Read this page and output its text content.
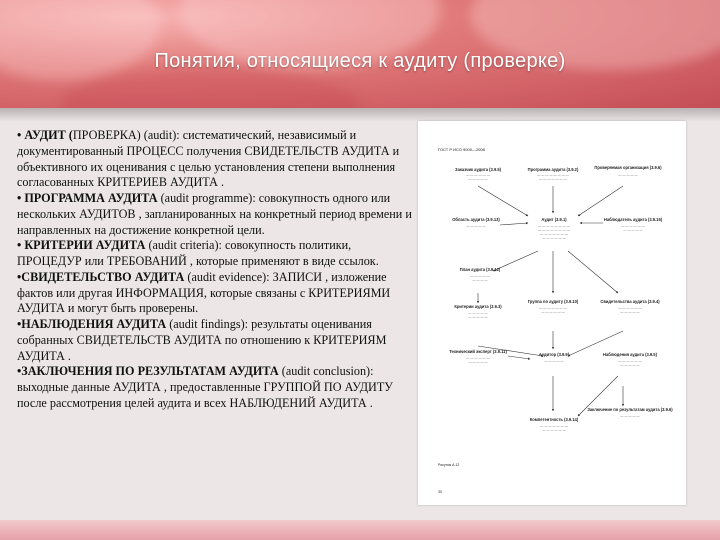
Понятия, относящиеся к аудиту (проверке)

• АУДИТ (ПРОВЕРКА) (audit): систематический, независимый и документированный ПРОЦЕСС получения СВИДЕТЕЛЬСТВ АУДИТА и объективного их оценивания с целью установления степени выполнения согласованных КРИТЕРИЕВ АУДИТА .

• ПРОГРАММА АУДИТА (audit programme): совокупность одного или нескольких АУДИТОВ , запланированных на конкретный период времени и направленных на достижение конкретной цели.

• КРИТЕРИИ АУДИТА (audit criteria): совокупность политики, ПРОЦЕДУР или ТРЕБОВАНИЙ , которые применяют в виде ссылок.

•СВИДЕТЕЛЬСТВО АУДИТА (audit evidence): ЗАПИСИ , изложение фактов или другая ИНФОРМАЦИЯ, которые связаны с КРИТЕРИЯМИ АУДИТА и могут быть проверены.

•НАБЛЮДЕНИЯ АУДИТА (audit findings): результаты оценивания собранных СВИДЕТЕЛЬСТВ АУДИТА по отношению к КРИТЕРИЯМ АУДИТА .

•ЗАКЛЮЧЕНИЯ ПО РЕЗУЛЬТАТАМ АУДИТА (audit conclusion): выходные данные АУДИТА , предоставленные ГРУППОЙ ПО АУДИТУ после рассмотрения целей аудита и всех НАБЛЮДЕНИЙ АУДИТА .

ГОСТ Р ИСО 9000—2008
Заказчик аудита (3.9.5)
— — — — — —
— — — — —
Программа аудита (3.9.2)
— — — — — — — —
— — — — — — —
Проверяемая организация (3.9.6)
— — — — —
Область аудита (3.9.13)
— — — — —
Аудит (3.9.1)
— — — — — — — —
— — — — — — — —
— — — — — — —
— — — — — —
Наблюдатель аудита (3.9.15)
— — — — — —
— — — — —
План аудита (3.9.12)
— — — — —
— — — —
Критерии аудита (3.9.3)
— — — — —
— — — — —
Группа по аудиту (3.9.10)
— — — — — — —
— — — — — —
Свидетельства аудита (3.9.4)
— — — — — —
— — — — —
Технический эксперт (3.9.11)
— — — — — —
— — — — —
Аудитор (3.9.9)
— — — — —
Наблюдения аудита (3.9.5)
— — — — — —
— — — — —
Компетентность (3.9.14)
— — — — — — —
— — — — — —
Заключение по результатам аудита (3.9.6)
— — — — —
Рисунок А.12
30
